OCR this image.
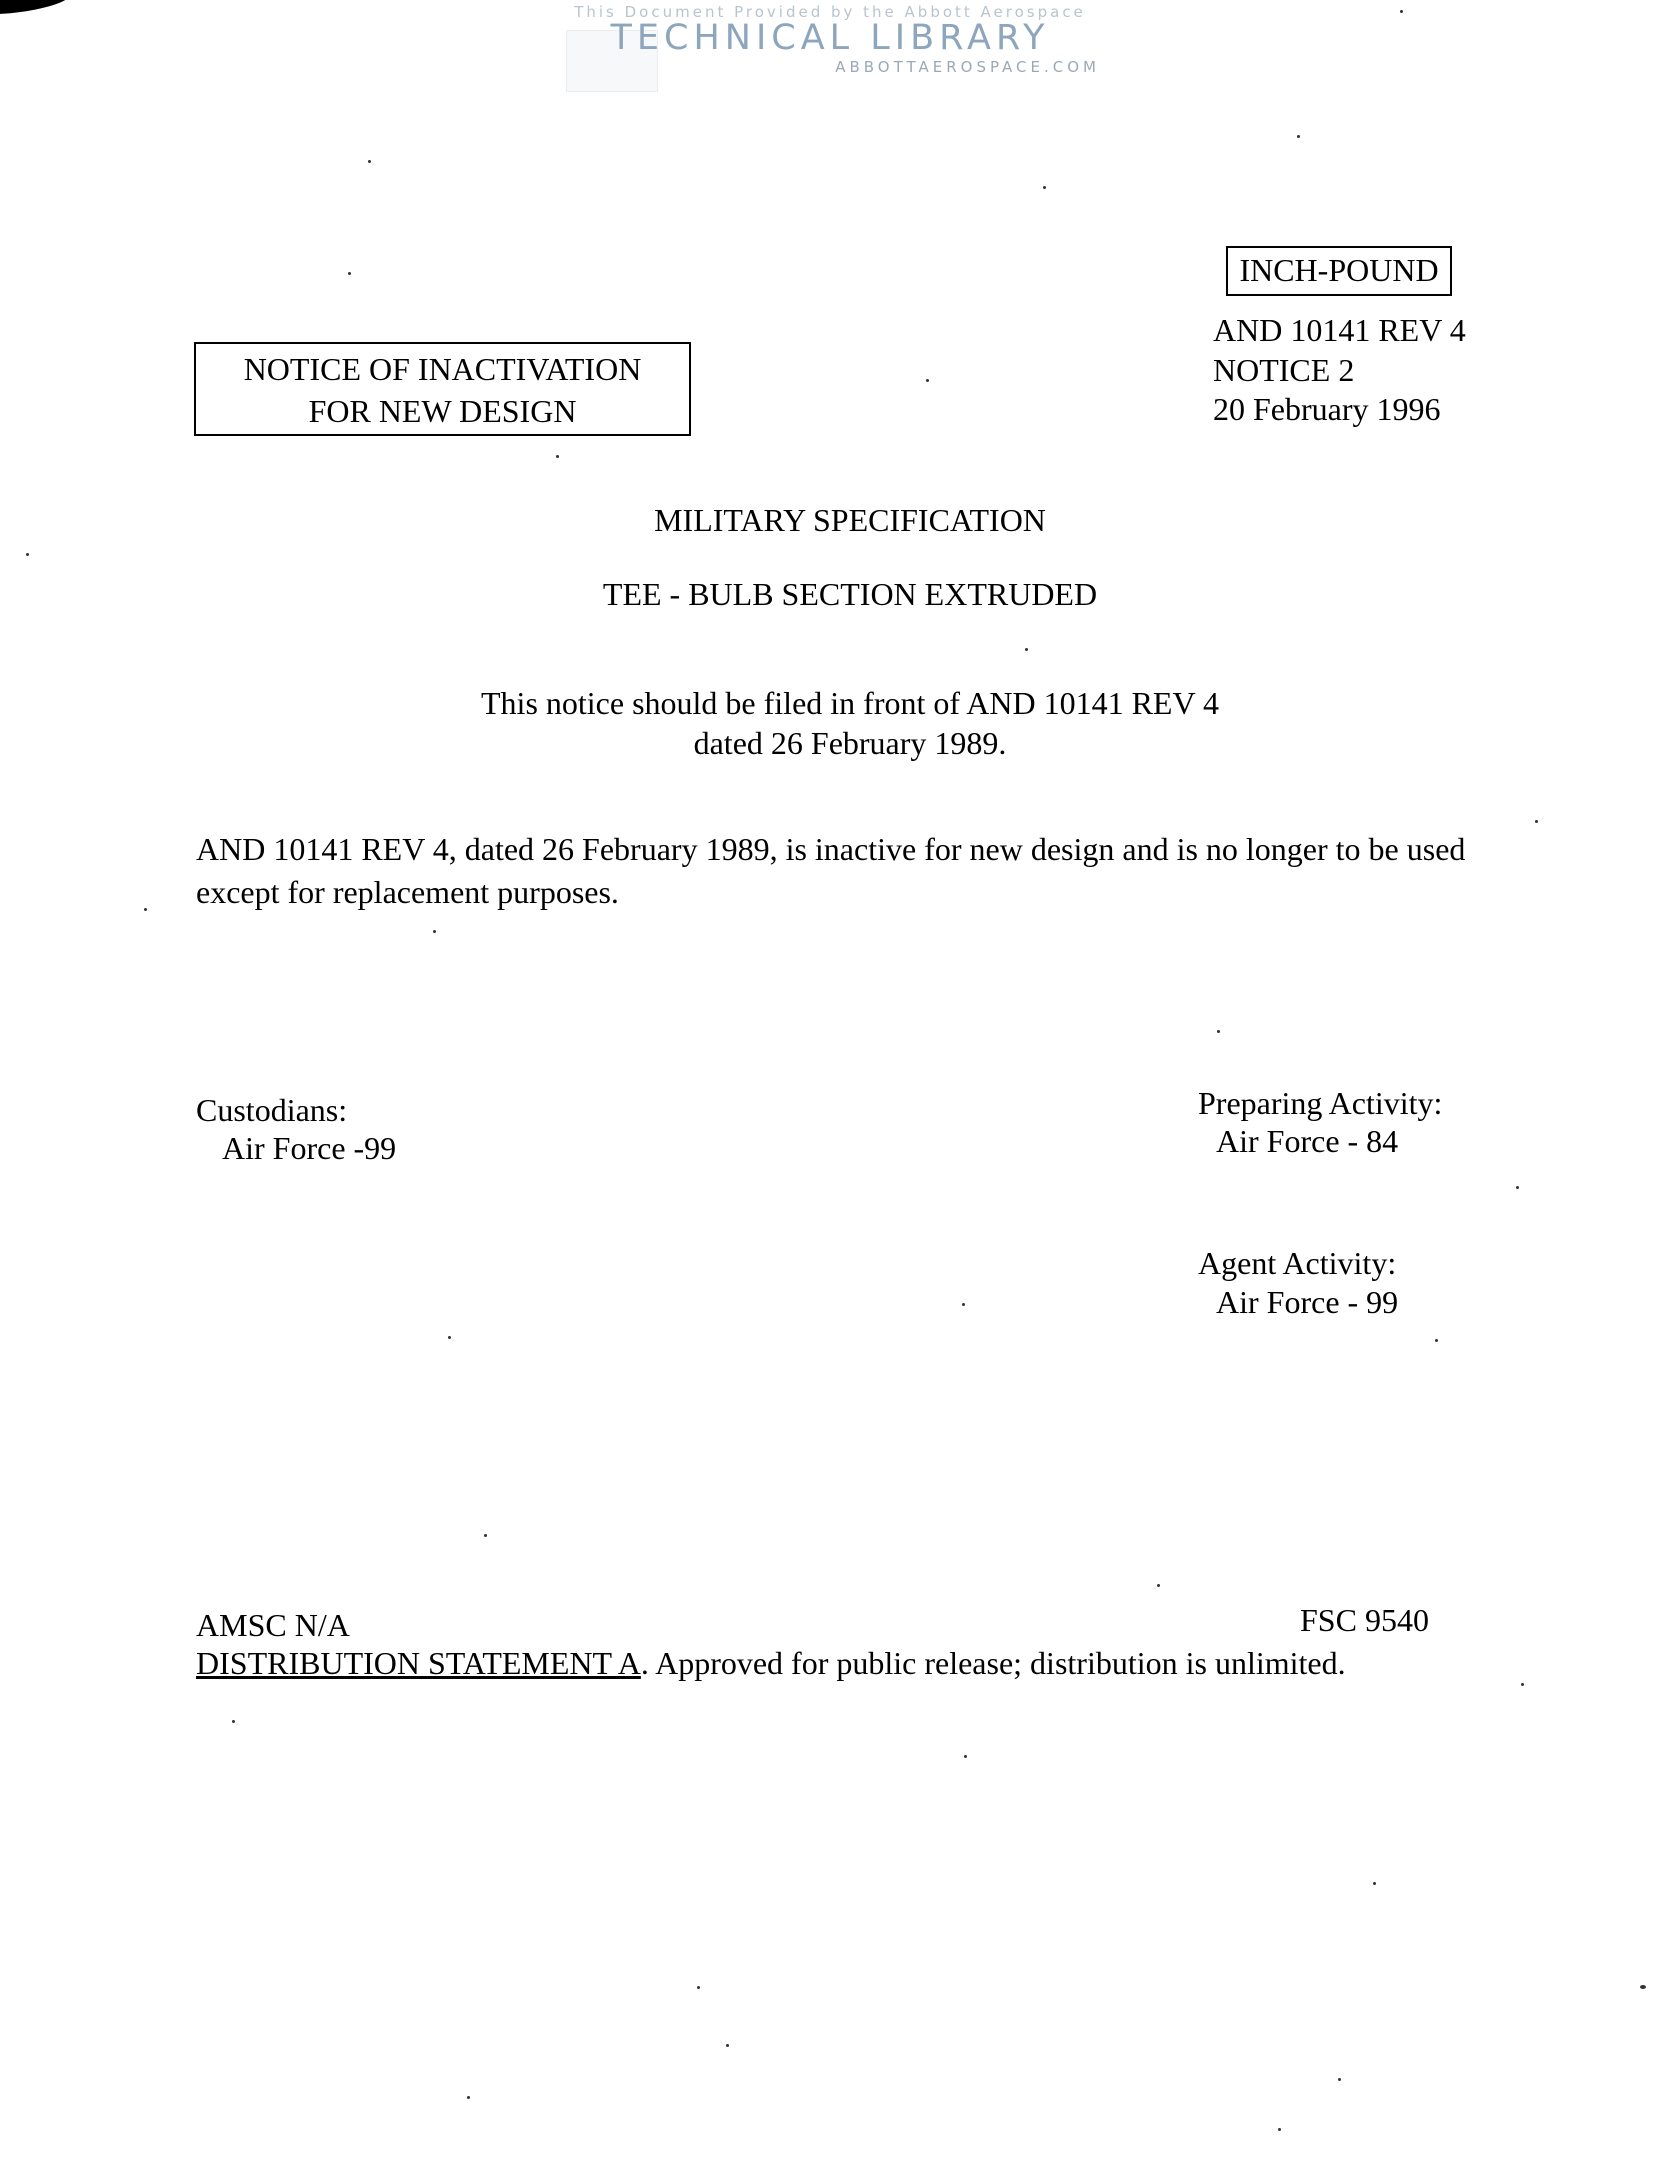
This Document Provided by the Abbott Aerospace
TECHNICAL LIBRARY
ABBOTTAEROSPACE.COM
INCH-POUND
NOTICE OF INACTIVATION
FOR NEW DESIGN
AND 10141 REV 4
NOTICE 2
20 February 1996
MILITARY SPECIFICATION
TEE - BULB SECTION EXTRUDED
This notice should be filed in front of AND 10141 REV 4
dated 26 February 1989.
AND 10141 REV 4, dated 26 February 1989, is inactive for new design and is no longer to be used except for replacement purposes.
Custodians:
Air Force -99
Preparing Activity:
Air Force - 84
Agent Activity:
Air Force - 99
AMSC N/A	FSC 9540
DISTRIBUTION STATEMENT A. Approved for public release; distribution is unlimited.
